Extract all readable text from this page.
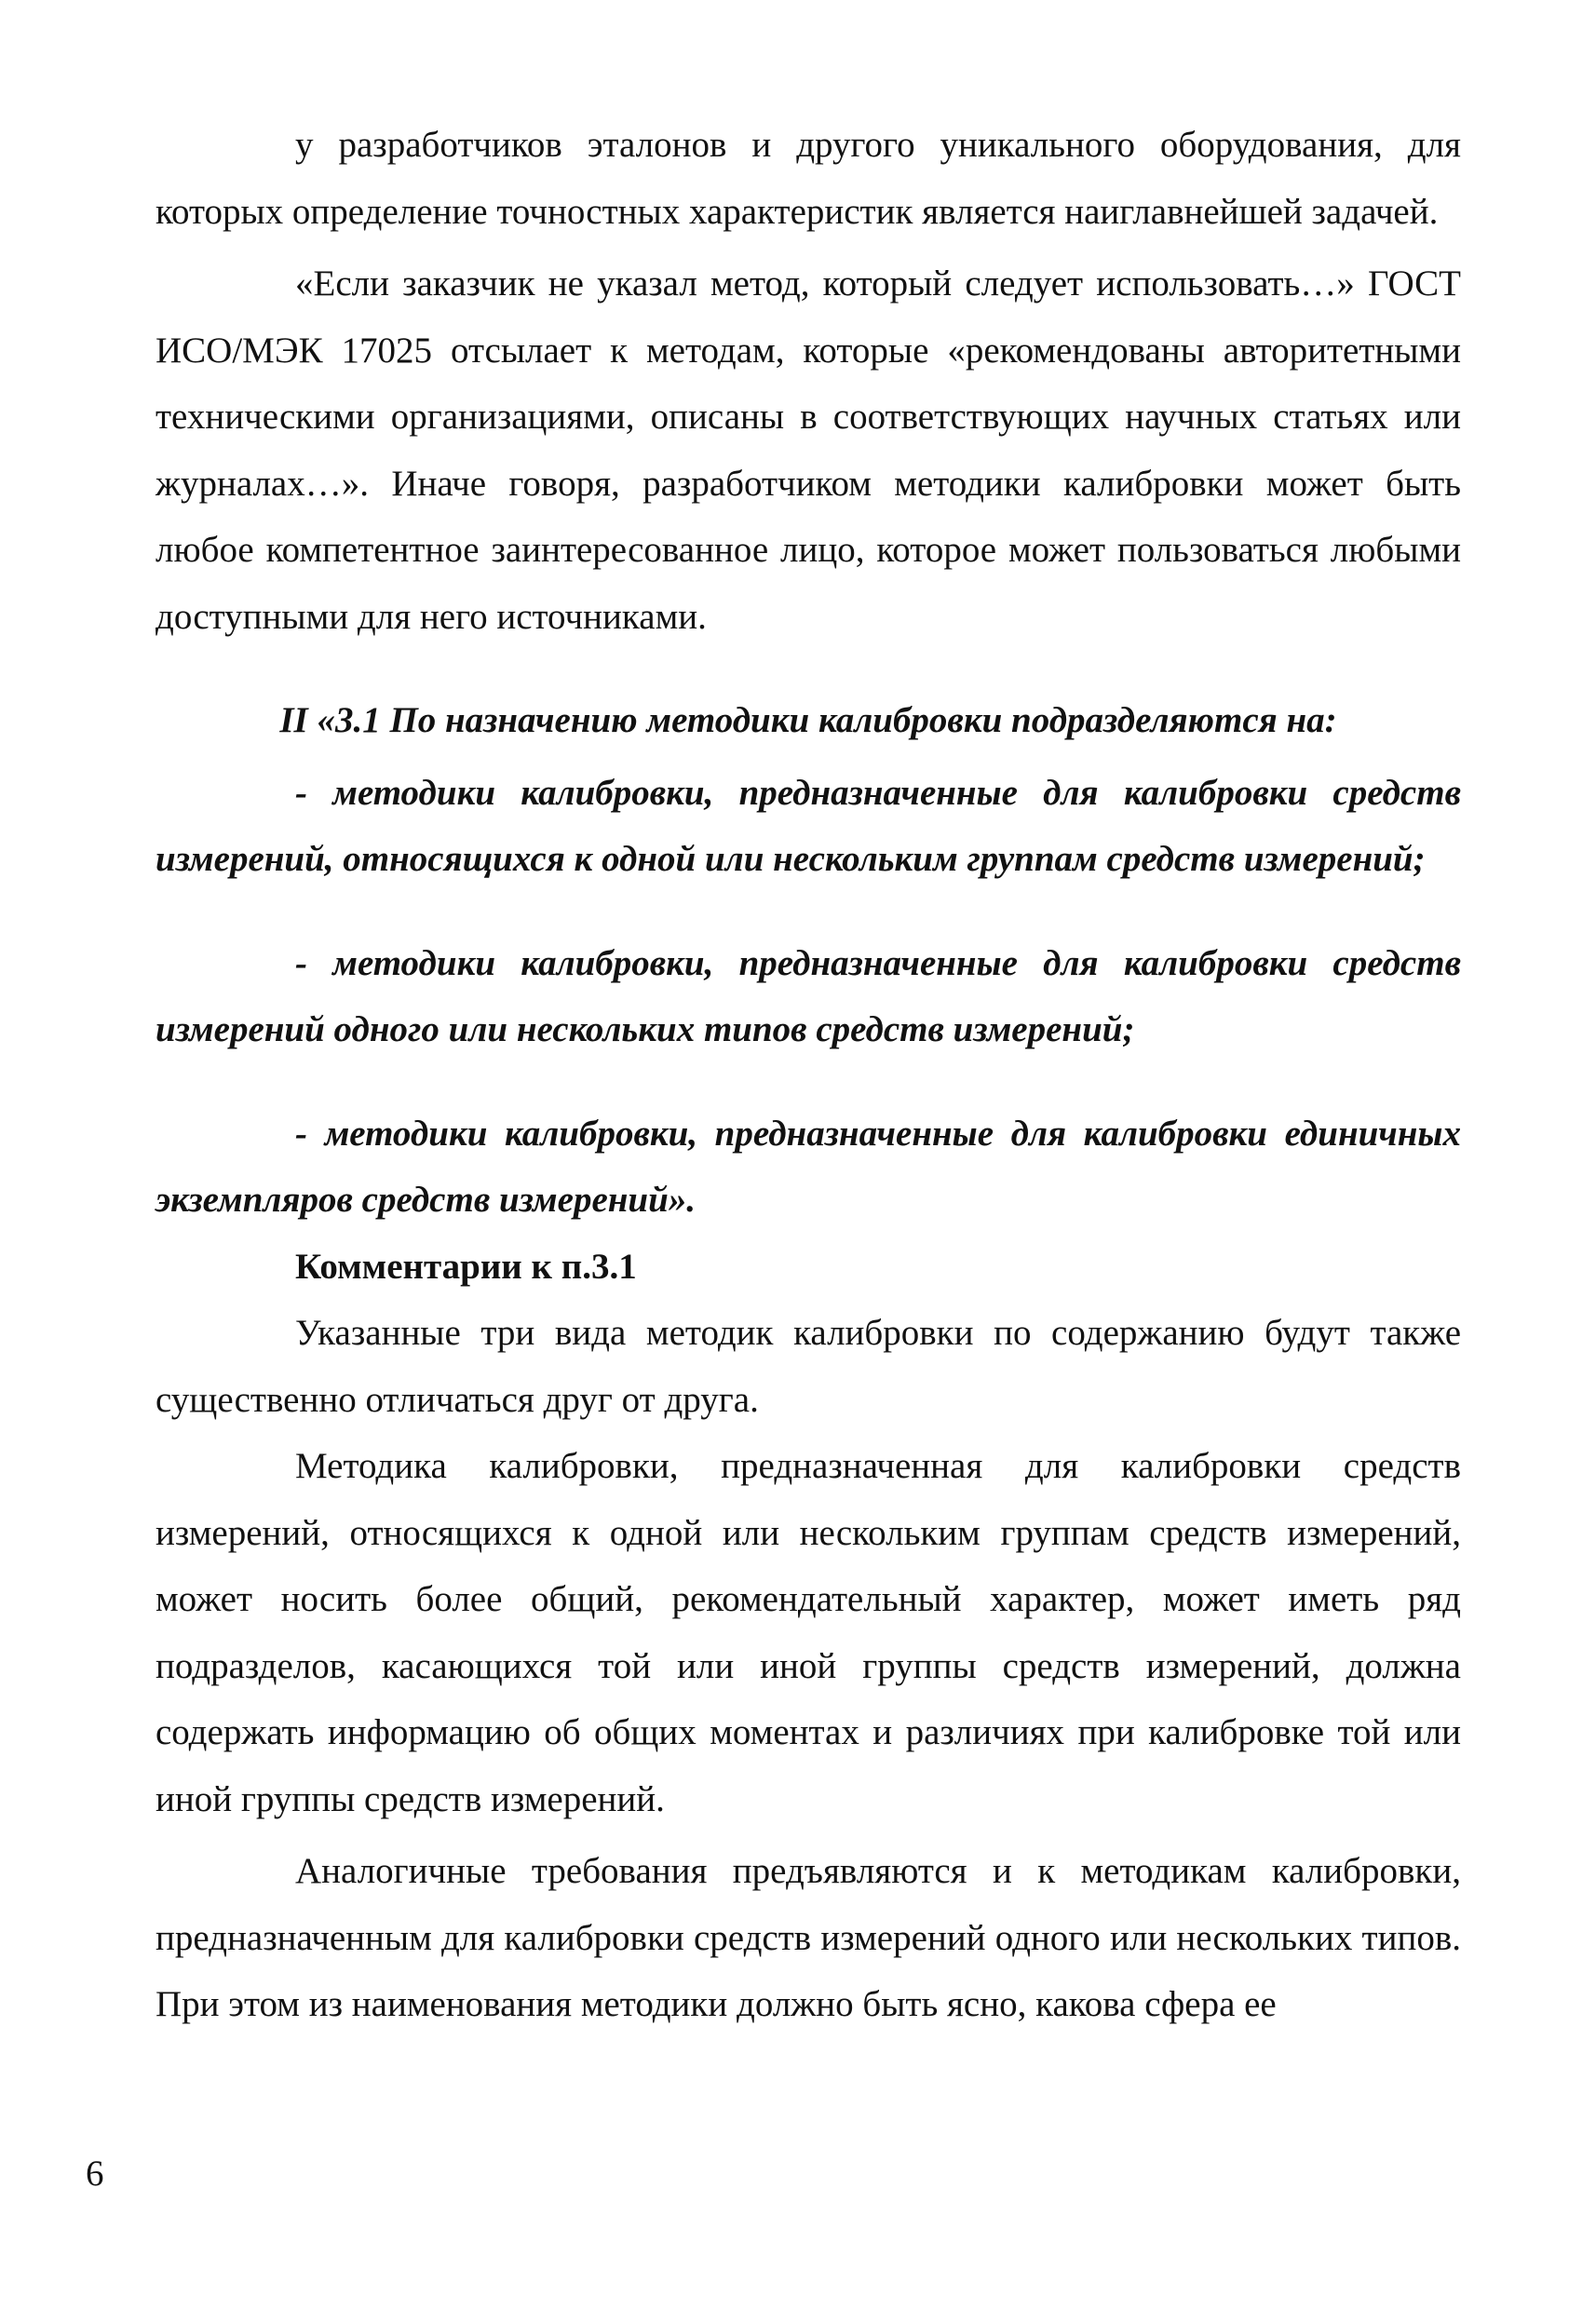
у разработчиков эталонов и другого уникального оборудования, для которых определение точностных характеристик является наиглавнейшей задачей.

«Если заказчик не указал метод, который следует использовать…» ГОСТ ИСО/МЭК 17025 отсылает к методам, которые «рекомендованы авторитетными техническими организациями, описаны в соответствующих научных статьях или журналах…». Иначе говоря, разработчиком методики калибровки может быть любое компетентное заинтересованное лицо, которое может пользоваться любыми доступными для него источниками.

II «3.1 По назначению методики калибровки подразделяются на:

- методики калибровки, предназначенные для калибровки средств измерений, относящихся к одной или нескольким группам средств измерений;

- методики калибровки, предназначенные для калибровки средств измерений одного или нескольких типов средств измерений;

- методики калибровки, предназначенные для калибровки единичных экземпляров средств измерений».

Комментарии к п.3.1

Указанные три вида методик калибровки по содержанию будут также существенно отличаться друг от друга.

Методика калибровки, предназначенная для калибровки средств измерений, относящихся к одной или нескольким группам средств измерений, может носить более общий, рекомендательный характер, может иметь ряд подразделов, касающихся той или иной группы средств измерений, должна содержать информацию об общих моментах и различиях при калибровке той или иной группы средств измерений.

Аналогичные требования предъявляются и к методикам калибровки, предназначенным для калибровки средств измерений одного или нескольких типов. При этом из наименования методики должно быть ясно, какова сфера ее

6
